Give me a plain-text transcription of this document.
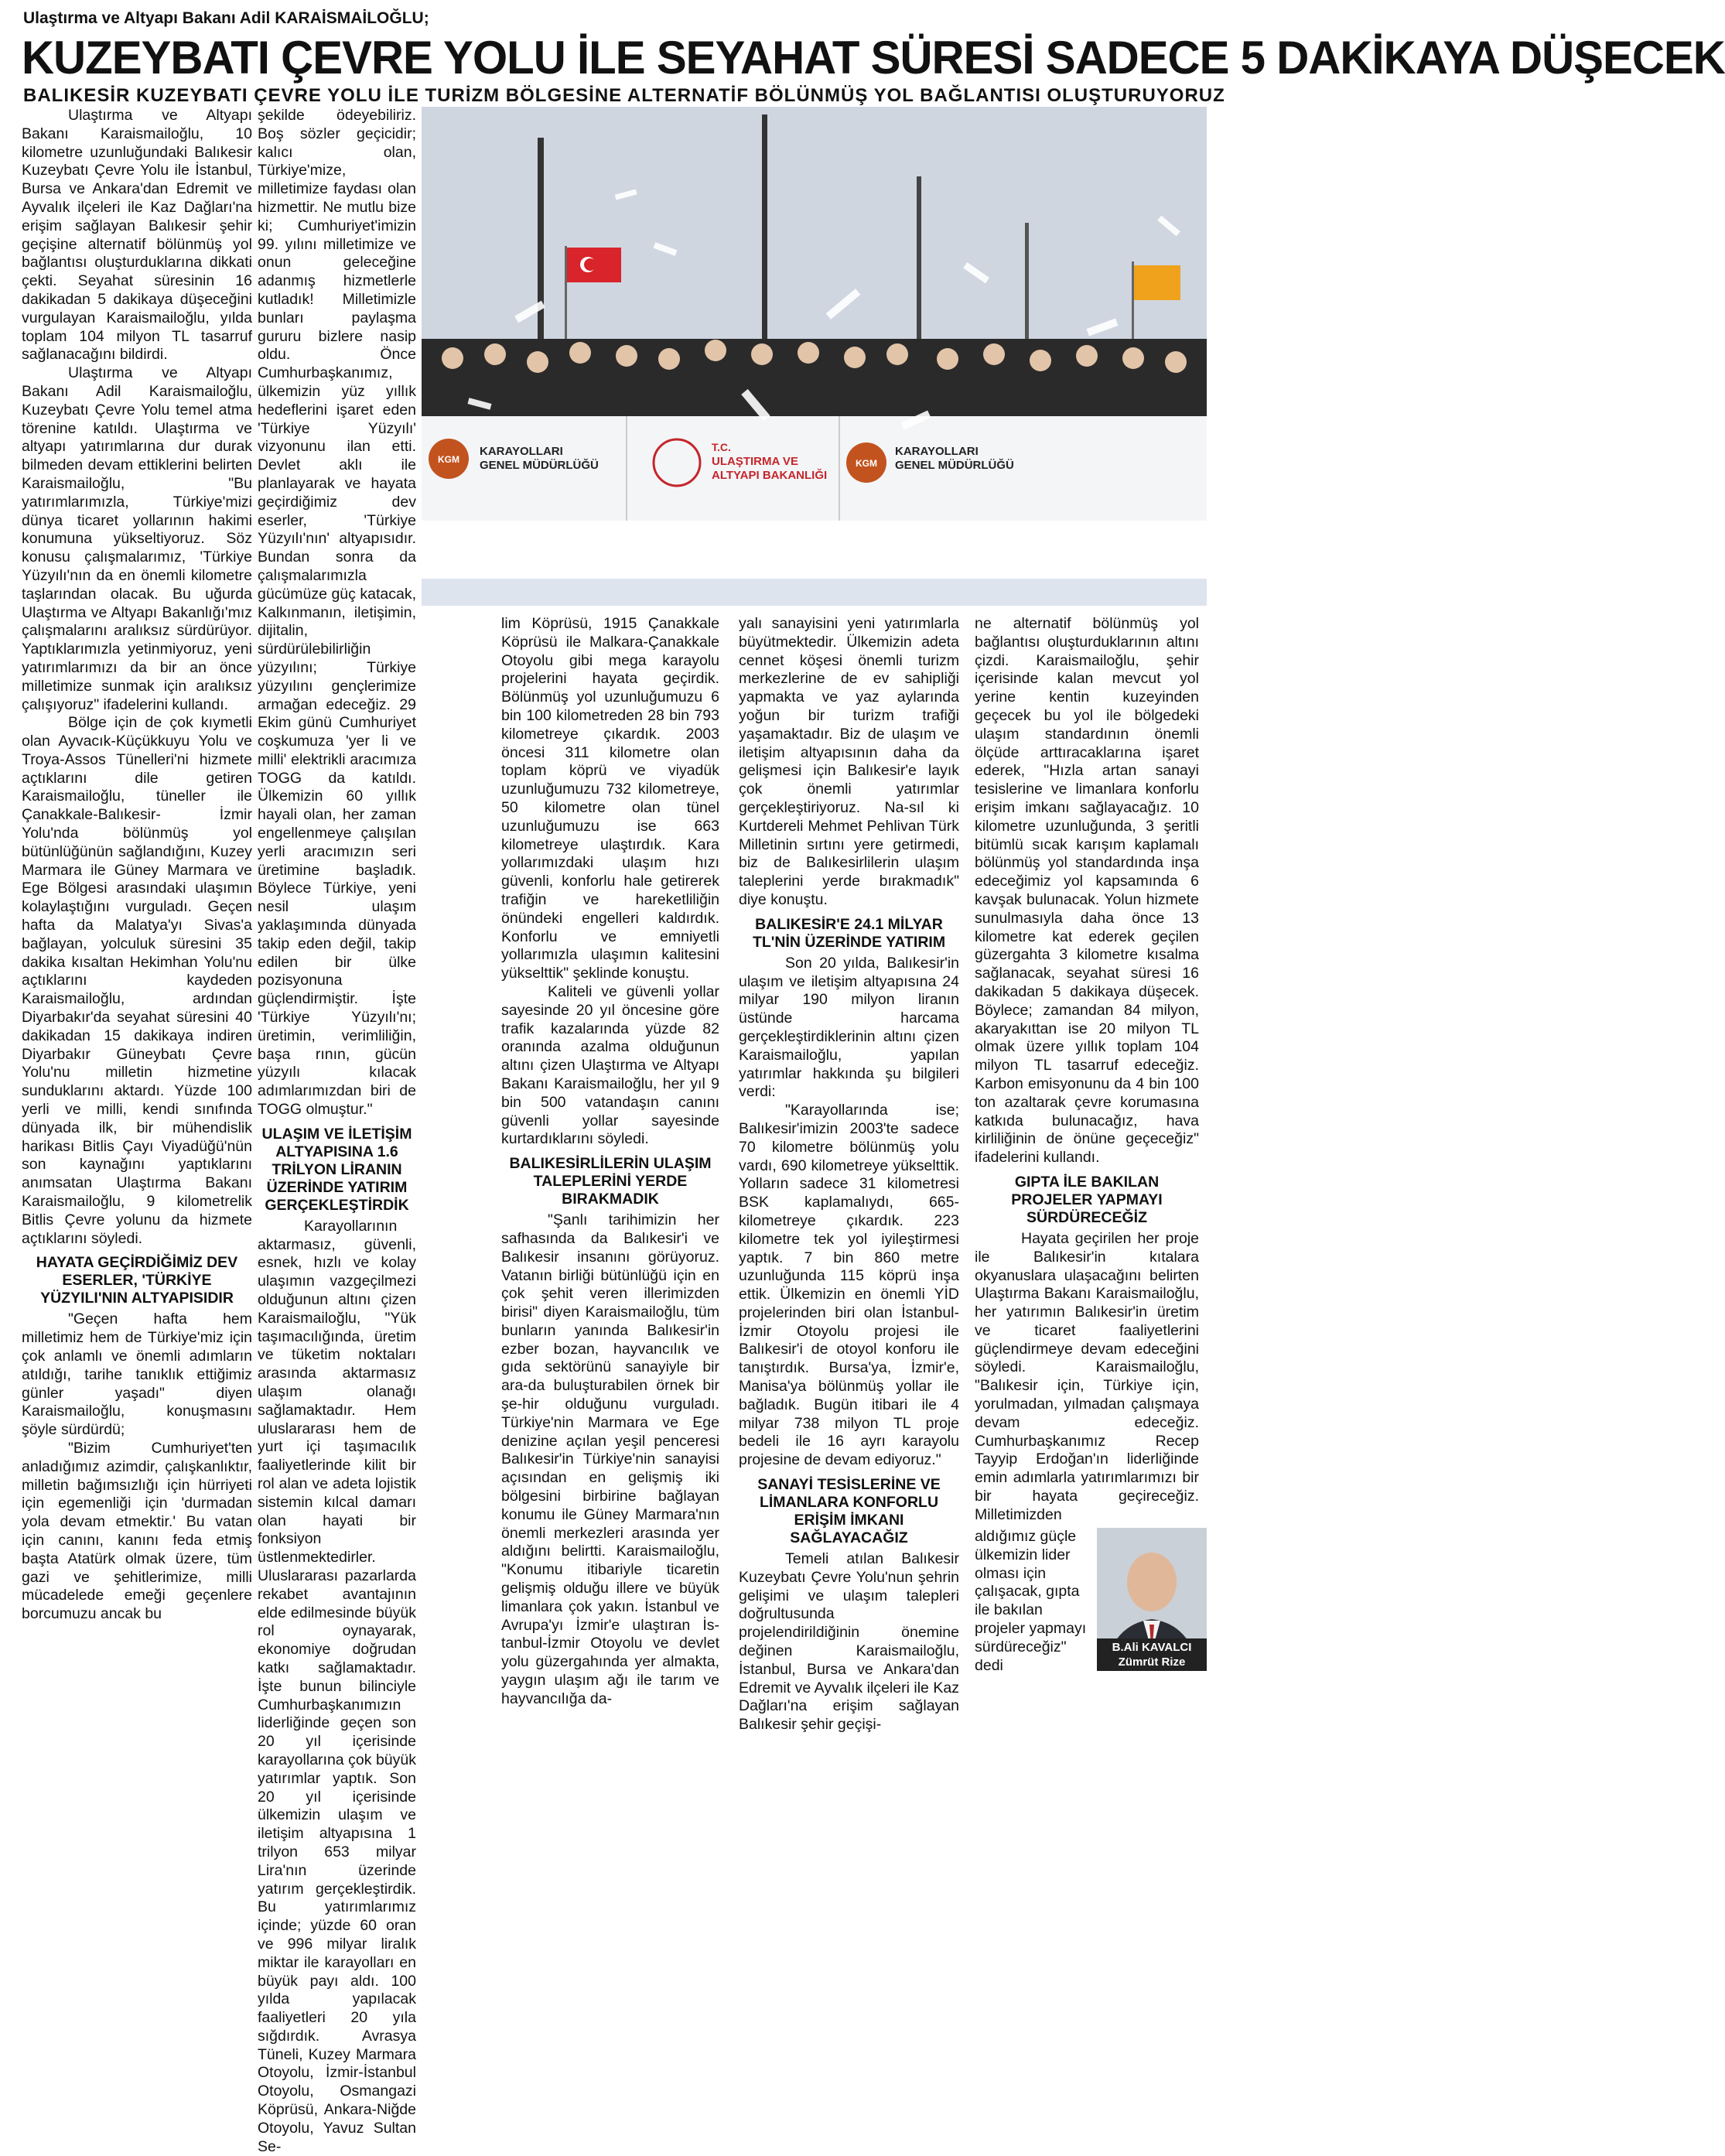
Ulaştırma ve Altyapı Bakanı Adil KARAİSMAİLOĞLU;
KUZEYBATI ÇEVRE YOLU İLE SEYAHAT SÜRESİ SADECE 5 DAKİKAYA DÜŞECEK
BALIKESİR KUZEYBATI ÇEVRE YOLU İLE TURİZM BÖLGESİNE ALTERNATİF BÖLÜNMÜŞ YOL BAĞLANTISI OLUŞTURUYORUZ

Ulaştırma ve Altyapı Bakanı Karaismailoğlu, 10 kilometre uzunluğundaki Balıkesir Kuzeybatı Çevre Yolu ile İstanbul, Bursa ve Ankara'dan Edremit ve Ayvalık ilçeleri ile Kaz Dağları'na erişim sağlayan Balıkesir şehir geçişine alternatif bölünmüş yol bağlantısı oluşturduklarına dikkati çekti. Seyahat süresinin 16 dakikadan 5 dakikaya düşeceğini vurgulayan Karaismailoğlu, yılda toplam 104 milyon TL tasarruf sağlanacağını bildirdi.

Ulaştırma ve Altyapı Bakanı Adil Karaismailoğlu, Kuzeybatı Çevre Yolu temel atma törenine katıldı. Ulaştırma ve altyapı yatırımlarına dur durak bilmeden devam ettiklerini belirten Karaismailoğlu, "Bu yatırımlarımızla, Türkiye'mizi dünya ticaret yollarının hakimi konumuna yükseltiyoruz. Söz konusu çalışmalarımız, 'Türkiye Yüzyılı'nın da en önemli kilometre taşlarından olacak. Bu uğurda Ulaştırma ve Altyapı Bakanlığı'mız çalışmalarını aralıksız sürdürüyor. Yaptıklarımızla yetinmiyoruz, yeni yatırımlarımızı da bir an önce milletimize sunmak için aralıksız çalışıyoruz" ifadelerini kullandı.

Bölge için de çok kıymetli olan Ayvacık-Küçükkuyu Yolu ve Troya-Assos Tünelleri'ni hizmete açtıklarını dile getiren Karaismailoğlu, tüneller ile Çanakkale-Balıkesir- İzmir Yolu'nda bölünmüş yol bütünlüğünün sağlandığını, Kuzey Marmara ile Güney Marmara ve Ege Bölgesi arasındaki ulaşımın kolaylaştığını vurguladı. Geçen hafta da Malatya'yı Sivas'a bağlayan, yolculuk süresini 35 dakika kısaltan Hekimhan Yolu'nu açtıklarını kaydeden Karaismailoğlu, ardından Diyarbakır'da seyahat süresini 40 dakikadan 15 dakikaya indiren Diyarbakır Güneybatı Çevre Yolu'nu milletin hizmetine sunduklarını aktardı. Yüzde 100 yerli ve milli, kendi sınıfında dünyada ilk, bir mühendislik harikası Bitlis Çayı Viyadüğü'nün son kaynağını yaptıklarını anımsatan Ulaştırma Bakanı Karaismailoğlu, 9 kilometrelik Bitlis Çevre yolunu da hizmete açtıklarını söyledi.

HAYATA GEÇİRDİĞİMİZ DEV ESERLER, 'TÜRKİYE YÜZYILI'NIN ALTYAPISIDIR

"Geçen hafta hem milletimiz hem de Türkiye'miz için çok anlamlı ve önemli adımların atıldığı, tarihe tanıklık ettiğimiz günler yaşadı" diyen Karaismailoğlu, konuşmasını şöyle sürdürdü;

"Bizim Cumhuriyet'ten anladığımız azimdir, çalışkanlıktır, milletin bağımsızlığı için hürriyeti için egemenliği için 'durmadan yola devam etmektir.' Bu vatan için canını, kanını feda etmiş başta Atatürk olmak üzere, tüm gazi ve şehitlerimize, milli mücadelede emeği geçenlere borcumuzu ancak bu

şekilde ödeyebiliriz. Boş sözler geçicidir; kalıcı olan, Türkiye'mize, milletimize faydası olan hizmettir. Ne mutlu bize ki; Cumhuriyet'imizin 99. yılını milletimize ve onun geleceğine adanmış hizmetlerle kutladık! Milletimizle bunları paylaşma gururu bizlere nasip oldu. Önce Cumhurbaşkanımız, ülkemizin yüz yıllık hedeflerini işaret eden 'Türkiye Yüzyılı' vizyonunu ilan etti. Devlet aklı ile planlayarak ve hayata geçirdiğimiz dev eserler, 'Türkiye Yüzyılı'nın' altyapısıdır. Bundan sonra da çalışmalarımızla gücümüze güç katacak, Kalkınmanın, iletişimin, dijitalin, sürdürülebilirliğin yüzyılını; Türkiye yüzyılını gençlerimize armağan edeceğiz. 29 Ekim günü Cumhuriyet coşkumuza 'yer li ve milli' elektrikli aracımıza TOGG da katıldı. Ülkemizin 60 yıllık hayali olan, her zaman engellenmeye çalışılan yerli aracımızın seri üretimine başladık. Böylece Türkiye, yeni nesil ulaşım yaklaşımında dünyada takip eden değil, takip edilen bir ülke pozisyonuna güçlendirmiştir. İşte 'Türkiye Yüzyılı'nı; üretimin, verimliliğin, başa rının, gücün yüzyılı kılacak adımlarımızdan biri de TOGG olmuştur."

ULAŞIM VE İLETİŞİM ALTYAPISINA 1.6 TRİLYON LİRANIN ÜZERİNDE YATIRIM GERÇEKLEŞTİRDİK

Karayollarının aktarmasız, güvenli, esnek, hızlı ve kolay ulaşımın vazgeçilmezi olduğunun altını çizen Karaismailoğlu, "Yük taşımacılığında, üretim ve tüketim noktaları arasında aktarmasız ulaşım olanağı sağlamaktadır. Hem uluslararası hem de yurt içi taşımacılık faaliyetlerinde kilit bir rol alan ve adeta lojistik sistemin kılcal damarı olan hayati bir fonksiyon üstlenmektedirler. Uluslararası pazarlarda rekabet avantajının elde edilmesinde büyük rol oynayarak, ekonomiye doğrudan katkı sağlamaktadır. İşte bunun bilinciyle Cumhurbaşkanımızın liderliğinde geçen son 20 yıl içerisinde karayollarına çok büyük yatırımlar yaptık. Son 20 yıl içerisinde ülkemizin ulaşım ve iletişim altyapısına 1 trilyon 653 milyar Lira'nın üzerinde yatırım gerçekleştirdik. Bu yatırımlarımız içinde; yüzde 60 oran ve 996 milyar liralık miktar ile karayolları en büyük payı aldı. 100 yılda yapılacak faaliyetleri 20 yıla sığdırdık. Avrasya Tüneli, Kuzey Marmara Otoyolu, İzmir-İstanbul Otoyolu, Osmangazi Köprüsü, Ankara-Niğde Otoyolu, Yavuz Sultan Se-

KGM
KARAYOLLARI
GENEL MÜDÜRLÜĞÜ
T.C.
ULAŞTIRMA VE
ALTYAPI BAKANLIĞI
KGM
KARAYOLLARI
GENEL MÜDÜRLÜĞÜ

lim Köprüsü, 1915 Çanakkale Köprüsü ile Malkara-Çanakkale Otoyolu gibi mega karayolu projelerini hayata geçirdik. Bölünmüş yol uzunluğumuzu 6 bin 100 kilometreden 28 bin 793 kilometreye çıkardık. 2003 öncesi 311 kilometre olan toplam köprü ve viyadük uzunluğumuzu 732 kilometreye, 50 kilometre olan tünel uzunluğumuzu ise 663 kilometreye ulaştırdık. Kara yollarımızdaki ulaşım hızı güvenli, konforlu hale getirerek trafiğin ve hareketliliğin önündeki engelleri kaldırdık. Konforlu ve emniyetli yollarımızla ulaşımın kalitesini yükselttik" şeklinde konuştu.

Kaliteli ve güvenli yollar sayesinde 20 yıl öncesine göre trafik kazalarında yüzde 82 oranında azalma olduğunun altını çizen Ulaştırma ve Altyapı Bakanı Karaismailoğlu, her yıl 9 bin 500 vatandaşın canını güvenli yollar sayesinde kurtardıklarını söyledi.

BALIKESİRLİLERİN ULAŞIM TALEPLERİNİ YERDE BIRAKMADIK

"Şanlı tarihimizin her safhasında da Balıkesir'i ve Balıkesir insanını görüyoruz. Vatanın birliği bütünlüğü için en çok şehit veren illerimizden birisi" diyen Karaismailoğlu, tüm bunların yanında Balıkesir'in ezber bozan, hayvancılık ve gıda sektörünü sanayiyle bir ara-da buluşturabilen örnek bir şe-hir olduğunu vurguladı. Türkiye'nin Marmara ve Ege denizine açılan yeşil penceresi Balıkesir'in Türkiye'nin sanayisi açısından en gelişmiş iki bölgesini birbirine bağlayan konumu ile Güney Marmara'nın önemli merkezleri arasında yer aldığını belirtti. Karaismailoğlu, "Konumu itibariyle ticaretin gelişmiş olduğu illere ve büyük limanlara çok yakın. İstanbul ve Avrupa'yı İzmir'e ulaştıran İs-tanbul-İzmir Otoyolu ve devlet yolu güzergahında yer almakta, yaygın ulaşım ağı ile tarım ve hayvancılığa da-

yalı sanayisini yeni yatırımlarla büyütmektedir. Ülkemizin adeta cennet köşesi önemli turizm merkezlerine de ev sahipliği yapmakta ve yaz aylarında yoğun bir turizm trafiği yaşamaktadır. Biz de ulaşım ve iletişim altyapısının daha da gelişmesi için Balıkesir'e layık çok önemli yatırımlar gerçekleştiriyoruz. Na-sıl ki Kurtdereli Mehmet Pehlivan Türk Milletinin sırtını yere getirmedi, biz de Balıkesirlilerin ulaşım taleplerini yerde bırakmadık" diye konuştu.

BALIKESİR'E 24.1 MİLYAR TL'NİN ÜZERİNDE YATIRIM

Son 20 yılda, Balıkesir'in ulaşım ve iletişim altyapısına 24 milyar 190 milyon liranın üstünde harcama gerçekleştirdiklerinin altını çizen Karaismailoğlu, yapılan yatırımlar hakkında şu bilgileri verdi:

"Karayollarında ise; Balıkesir'imizin 2003'te sadece 70 kilometre bölünmüş yolu vardı, 690 kilometreye yükselttik. Yolların sadece 31 kilometresi BSK kaplamalıydı, 665-kilometreye çıkardık. 223 kilometre tek yol iyileştirmesi yaptık. 7 bin 860 metre uzunluğunda 115 köprü inşa ettik. Ülkemizin en önemli YİD projelerinden biri olan İstanbul-İzmir Otoyolu projesi ile Balıkesir'i de otoyol konforu ile tanıştırdık. Bursa'ya, İzmir'e, Manisa'ya bölünmüş yollar ile bağladık. Bugün itibari ile 4 milyar 738 milyon TL proje bedeli ile 16 ayrı karayolu projesine de devam ediyoruz."

SANAYİ TESİSLERİNE VE LİMANLARA KONFORLU ERİŞİM İMKANI SAĞLAYACAĞIZ

Temeli atılan Balıkesir Kuzeybatı Çevre Yolu'nun şehrin gelişimi ve ulaşım talepleri doğrultusunda projelendirildiğinin önemine değinen Karaismailoğlu, İstanbul, Bursa ve Ankara'dan Edremit ve Ayvalık ilçeleri ile Kaz Dağları'na erişim sağlayan Balıkesir şehir geçişi-

ne alternatif bölünmüş yol bağlantısı oluşturduklarının altını çizdi. Karaismailoğlu, şehir içerisinde kalan mevcut yol yerine kentin kuzeyinden geçecek bu yol ile bölgedeki ulaşım standardının önemli ölçüde arttıracaklarına işaret ederek, "Hızla artan sanayi tesislerine ve limanlara konforlu erişim imkanı sağlayacağız. 10 kilometre uzunluğunda, 3 şeritli bitümlü sıcak karışım kaplamalı bölünmüş yol standardında inşa edeceğimiz yol kapsamında 6 kavşak bulunacak. Yolun hizmete sunulmasıyla daha önce 13 kilometre kat ederek geçilen güzergahta 3 kilometre kısalma sağlanacak, seyahat süresi 16 dakikadan 5 dakikaya düşecek. Böylece; zamandan 84 milyon, akaryakıttan ise 20 milyon TL olmak üzere yıllık toplam 104 milyon TL tasarruf edeceğiz. Karbon emisyonunu da 4 bin 100 ton azaltarak çevre korumasına katkıda bulunacağız, hava kirliliğinin de önüne geçeceğiz" ifadelerini kullandı.

GIPTA İLE BAKILAN PROJELER YAPMAYI SÜRDÜRECEĞİZ

Hayata geçirilen her proje ile Balıkesir'in kıtalara okyanuslara ulaşacağını belirten Ulaştırma Bakanı Karaismailoğlu, her yatırımın Balıkesir'in üretim ve ticaret faaliyetlerini güçlendirmeye devam edeceğini söyledi. Karaismailoğlu, "Balıkesir için, Türkiye için, yorulmadan, yılmadan çalışmaya devam edeceğiz. Cumhurbaşkanımız Recep Tayyip Erdoğan'ın liderliğinde emin adımlarla yatırımlarımızı bir bir hayata geçireceğiz. Milletimizden

aldığımız güçle ülkemizin lider olması için çalışacak, gıpta ile bakılan projeler yapmayı sürdüreceğiz" dedi

B.Ali KAVALCI
Zümrüt Rize
